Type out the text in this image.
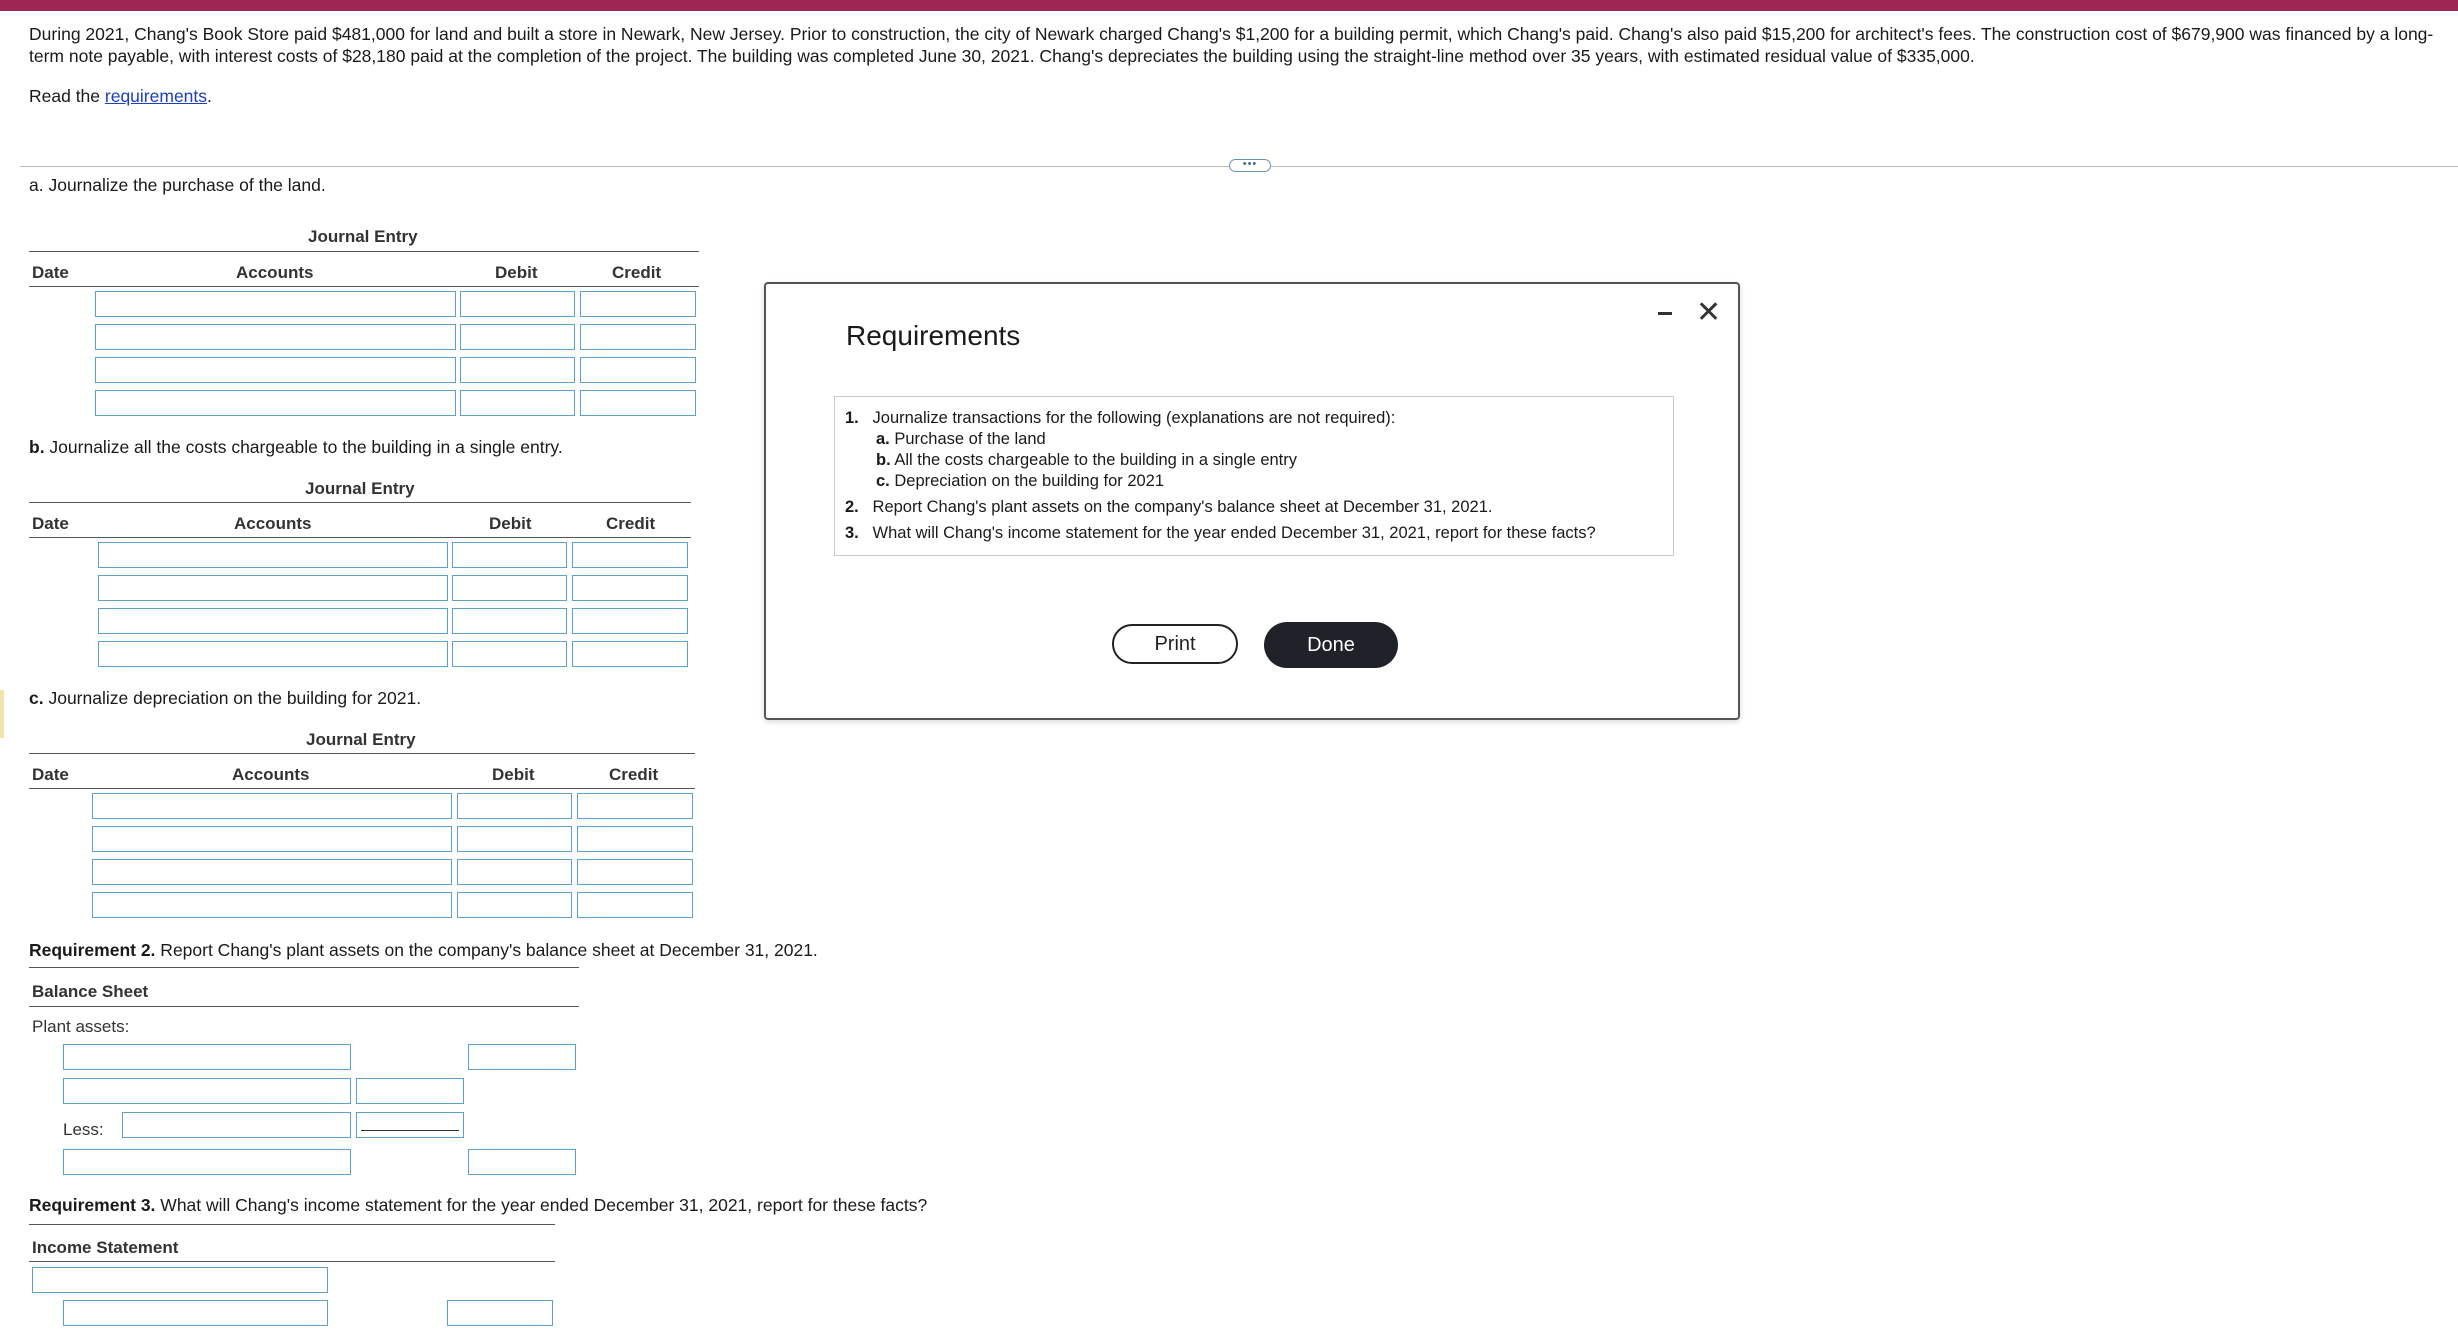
During 2021, Chang's Book Store paid $481,000 for land and built a store in Newark, New Jersey. Prior to construction, the city of Newark charged Chang's $1,200 for a building permit, which Chang's paid. Chang's also paid $15,200 for architect's fees. The construction cost of $679,900 was financed by a long-term note payable, with interest costs of $28,180 paid at the completion of the project. The building was completed June 30, 2021. Chang's depreciates the building using the straight-line method over 35 years, with estimated residual value of $335,000.
Read the requirements.
•••
a. Journalize the purchase of the land.
Journal Entry
Date	Accounts	Debit	Credit
b. Journalize all the costs chargeable to the building in a single entry.
Journal Entry
Date	Accounts	Debit	Credit
c. Journalize depreciation on the building for 2021.
Journal Entry
Date	Accounts	Debit	Credit
Requirement 2. Report Chang's plant assets on the company's balance sheet at December 31, 2021.
Balance Sheet
Plant assets:
Less:
Requirement 3. What will Chang's income statement for the year ended December 31, 2021, report for these facts?
Income Statement
Requirements
✕
1. Journalize transactions for the following (explanations are not required):
a. Purchase of the land
b. All the costs chargeable to the building in a single entry
c. Depreciation on the building for 2021
2. Report Chang's plant assets on the company's balance sheet at December 31, 2021.
3. What will Chang's income statement for the year ended December 31, 2021, report for these facts?
Print	Done
